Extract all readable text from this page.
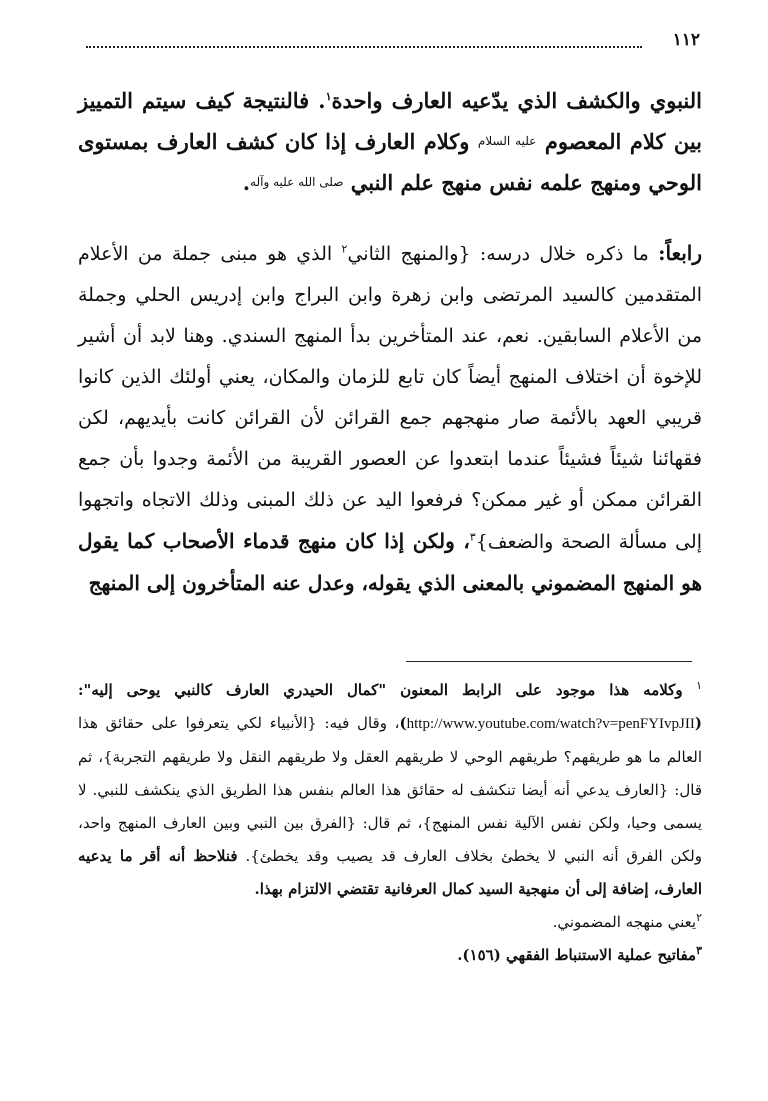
١١٢

النبوي والكشف الذي يدّعيه العارف واحدة$^١$. فالنتيجة كيف سيتم التمييز بين كلام المعصوم عليه السلام وكلام العارف إذا كان كشف العارف بمستوى الوحي ومنهج علمه نفس منهج علم النبي صلى الله عليه وآله.

رابعاً: ما ذكره خلال درسه: {والمنهج الثاني$^٢$ الذي هو مبنى جملة من الأعلام المتقدمين كالسيد المرتضى وابن زهرة وابن البراج وابن إدريس الحلي وجملة من الأعلام السابقين. نعم، عند المتأخرين بدأ المنهج السندي. وهنا لابد أن أشير للإخوة أن اختلاف المنهج أيضاً كان تابع للزمان والمكان، يعني أولئك الذين كانوا قريبي العهد بالأئمة صار منهجهم جمع القرائن لأن القرائن كانت بأيديهم، لكن فقهائنا شيئاً فشيئاً عندما ابتعدوا عن العصور القريبة من الأئمة وجدوا بأن جمع القرائن ممكن أو غير ممكن؟ فرفعوا اليد عن ذلك المبنى وذلك الاتجاه واتجهوا إلى مسألة الصحة والضعف}$^٣$، ولكن إذا كان منهج قدماء الأصحاب كما يقول هو المنهج المضموني بالمعنى الذي يقوله، وعدل عنه المتأخرون إلى المنهج

$^١$ وكلامه هذا موجود على الرابط المعنون "كمال الحيدري العارف كالنبي يوحى إليه": (http://www.youtube.com/watch?v=penFYIvpJII)، وقال فيه: {الأنبياء لكي يتعرفوا على حقائق هذا العالم ما هو طريقهم؟ طريقهم الوحي لا طريقهم العقل ولا طريقهم النقل ولا طريقهم التجربة}، ثم قال: {العارف يدعي أنه أيضا تنكشف له حقائق هذا العالم بنفس هذا الطريق الذي ينكشف للنبي. لا يسمى وحيا، ولكن نفس الآلية نفس المنهج}، ثم قال: {الفرق بين النبي وبين العارف المنهج واحد، ولكن الفرق أنه النبي لا يخطئ بخلاف العارف قد يصيب وقد يخطئ}. فنلاحظ أنه أقر ما يدعيه العارف، إضافة إلى أن منهجية السيد كمال العرفانية تقتضي الالتزام بهذا.

$^٢$يعني منهجه المضموني.

$^٣$مفاتيح عملية الاستنباط الفقهي (١٥٦).
